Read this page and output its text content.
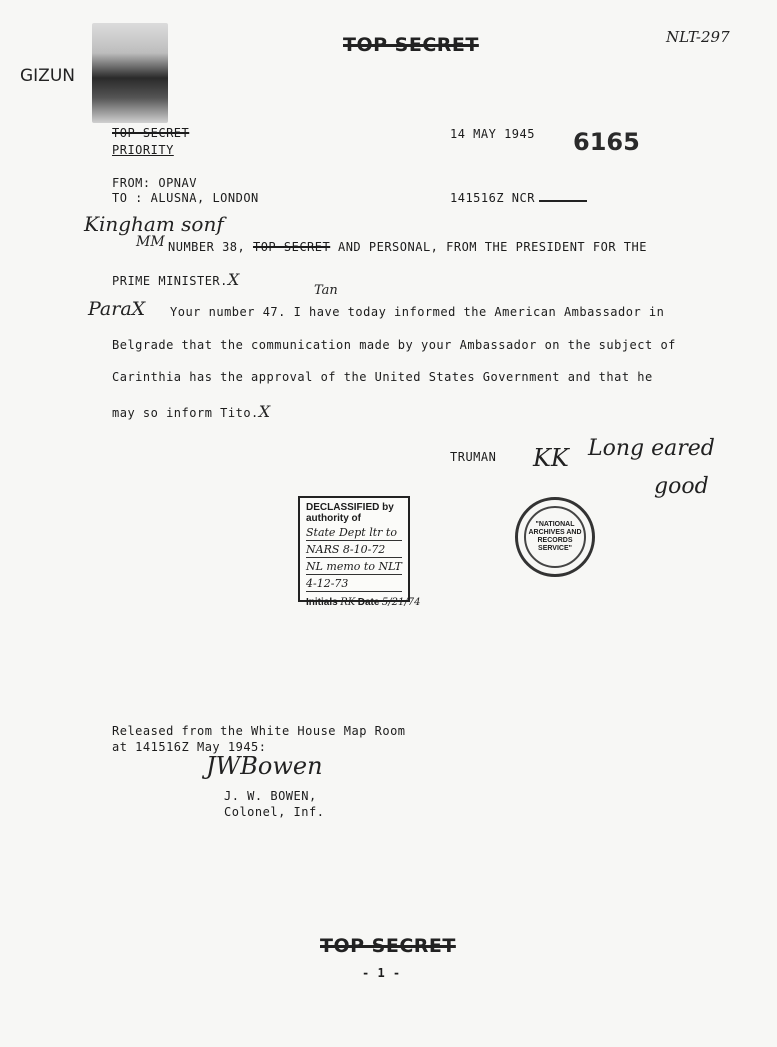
TOP SECRET	NLT-297
GIZUN
TOP SECRET
PRIORITY
14 MAY 1945 6165
FROM: OPNAV
TO : ALUSNA, LONDON	141516Z NCR
Kingham sonf
MM NUMBER 38, TOP SECRET AND PERSONAL, FROM THE PRESIDENT FOR THE
PRIME MINISTER.X
ParaX
Tan
Your number 47. I have today informed the American Ambassador in
Belgrade that the communication made by your Ambassador on the subject of
Carinthia has the approval of the United States Government and that he
may so inform Tito.X
TRUMAN KK Long eared
good
DECLASSIFIED by authority of
State Dept ltr to
NARS 8-10-72
NL memo to NLT
4-12-73
Initials RK Date 5/21/74
"NATIONAL ARCHIVES AND RECORDS SERVICE"
Released from the White House Map Room
at 141516Z May 1945:
JWBowen
J. W. BOWEN,
Colonel, Inf.
TOP SECRET
- 1 -
